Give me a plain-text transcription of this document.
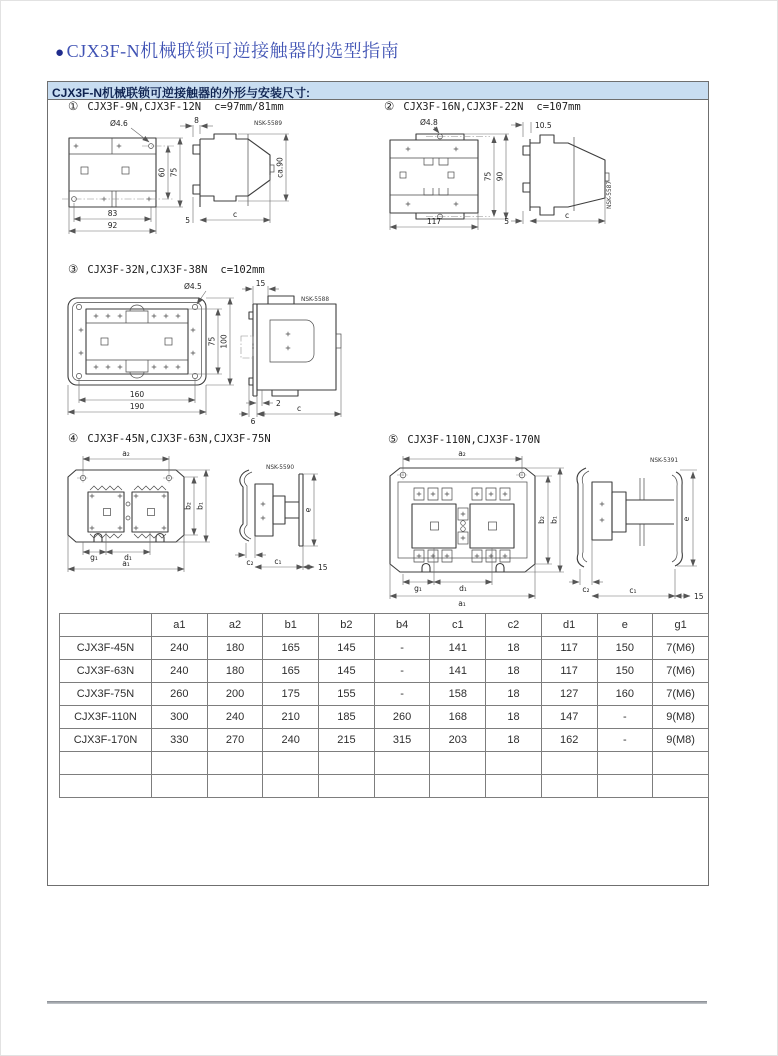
● CJX3F-N机械联锁可逆接触器的选型指南
CJX3F-N机械联锁可逆接触器的外形与安装尺寸:
① CJX3F-9N,CJX3F-12N c=97mm/81mm	② CJX3F-16N,CJX3F-22N c=107mm
③ CJX3F-32N,CJX3F-38N c=102mm
④ CJX3F-45N,CJX3F-63N,CJX3F-75N	⑤ CJX3F-110N,CJX3F-170N
Ø4.6
60 75
83
92
NSK-5589
8
ca.90
5
c
Ø4.8
75 90
117
NSK-5587
10.5
5
c
Ø4.5
75 100
160
190
15
NSK-5588
2
6
c
a₂
b₂ b₁
g₁	d₁
a₁
NSK-5590
e
c₂	c₁
15
a₂
b₂ b₁
g₁	d₁
a₁
NSK-5391
e
c₂	c₁
15
	a1	a2	b1	b2	b4	c1	c2	d1	e	g1
CJX3F-45N	240	180	165	145	-	141	18	117	150	7(M6)
CJX3F-63N	240	180	165	145	-	141	18	117	150	7(M6)
CJX3F-75N	260	200	175	155	-	158	18	127	160	7(M6)
CJX3F-110N	300	240	210	185	260	168	18	147	-	9(M8)
CJX3F-170N	330	270	240	215	315	203	18	162	-	9(M8)
